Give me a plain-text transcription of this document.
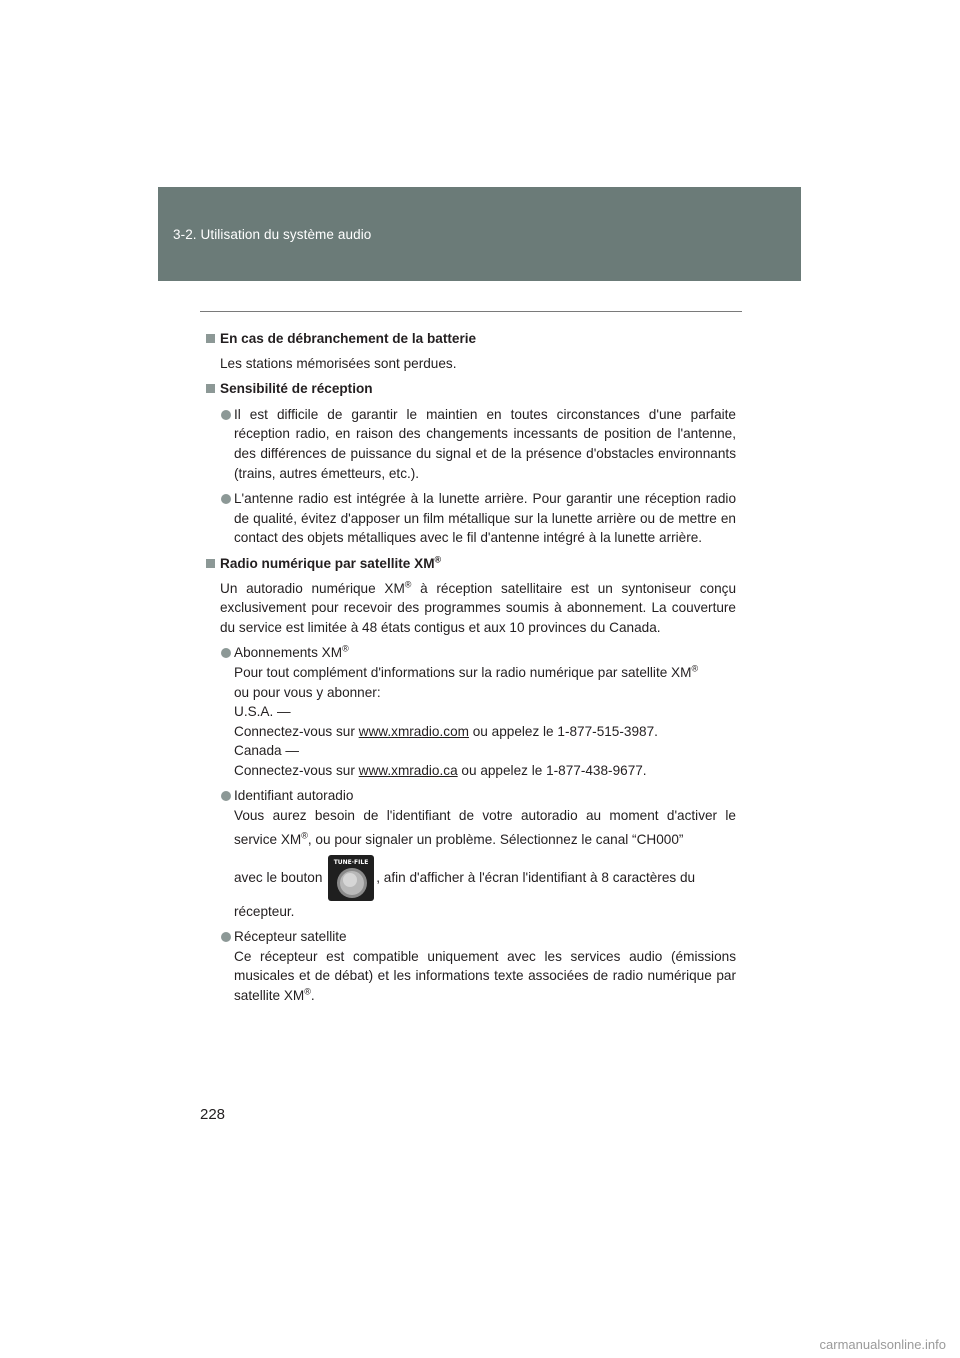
3-2. Utilisation du système audio
En cas de débranchement de la batterie
Les stations mémorisées sont perdues.
Sensibilité de réception
Il est difficile de garantir le maintien en toutes circonstances d'une parfaite réception radio, en raison des changements incessants de position de l'antenne, des différences de puissance du signal et de la présence d'obstacles environnants (trains, autres émetteurs, etc.).
L'antenne radio est intégrée à la lunette arrière. Pour garantir une réception radio de qualité, évitez d'apposer un film métallique sur la lunette arrière ou de mettre en contact des objets métalliques avec le fil d'antenne intégré à la lunette arrière.
Radio numérique par satellite XM®
Un autoradio numérique XM® à réception satellitaire est un syntoniseur conçu exclusivement pour recevoir des programmes soumis à abonnement. La couverture du service est limitée à 48 états contigus et aux 10 provinces du Canada.
Abonnements XM®
Pour tout complément d'informations sur la radio numérique par satellite XM®
ou pour vous y abonner:
U.S.A. —
Connectez-vous sur www.xmradio.com ou appelez le 1-877-515-3987.
Canada —
Connectez-vous sur www.xmradio.ca ou appelez le 1-877-438-9677.
Identifiant autoradio
Vous aurez besoin de l'identifiant de votre autoradio au moment d'activer le
service XM®, ou pour signaler un problème. Sélectionnez le canal “CH000”
avec le bouton
TUNE·FILE
, afin d'afficher à l'écran l'identifiant à 8 caractères du
récepteur.
Récepteur satellite
Ce récepteur est compatible uniquement avec les services audio (émissions musicales et de débat) et les informations texte associées de radio numérique par satellite XM®.
228
carmanualsonline.info
